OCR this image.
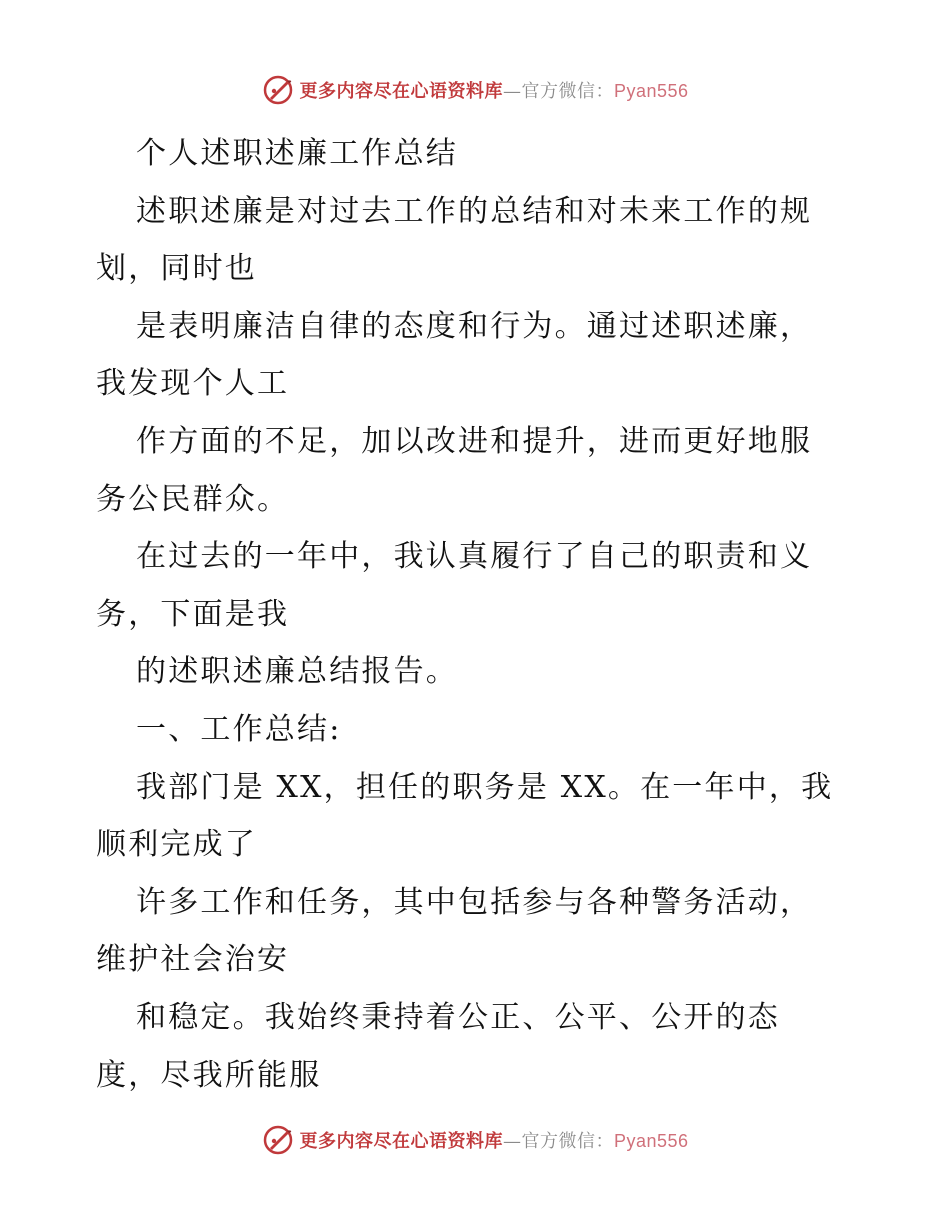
更多内容尽在心语资料库—官方微信：Pyan556
个人述职述廉工作总结
述职述廉是对过去工作的总结和对未来工作的规
划，同时也
是表明廉洁自律的态度和行为。通过述职述廉，
我发现个人工
作方面的不足，加以改进和提升，进而更好地服
务公民群众。
在过去的一年中，我认真履行了自己的职责和义
务，下面是我
的述职述廉总结报告。
一、工作总结:
我部门是 XX，担任的职务是 XX。在一年中，我
顺利完成了
许多工作和任务，其中包括参与各种警务活动，
维护社会治安
和稳定。我始终秉持着公正、公平、公开的态
度，尽我所能服
更多内容尽在心语资料库—官方微信：Pyan556
